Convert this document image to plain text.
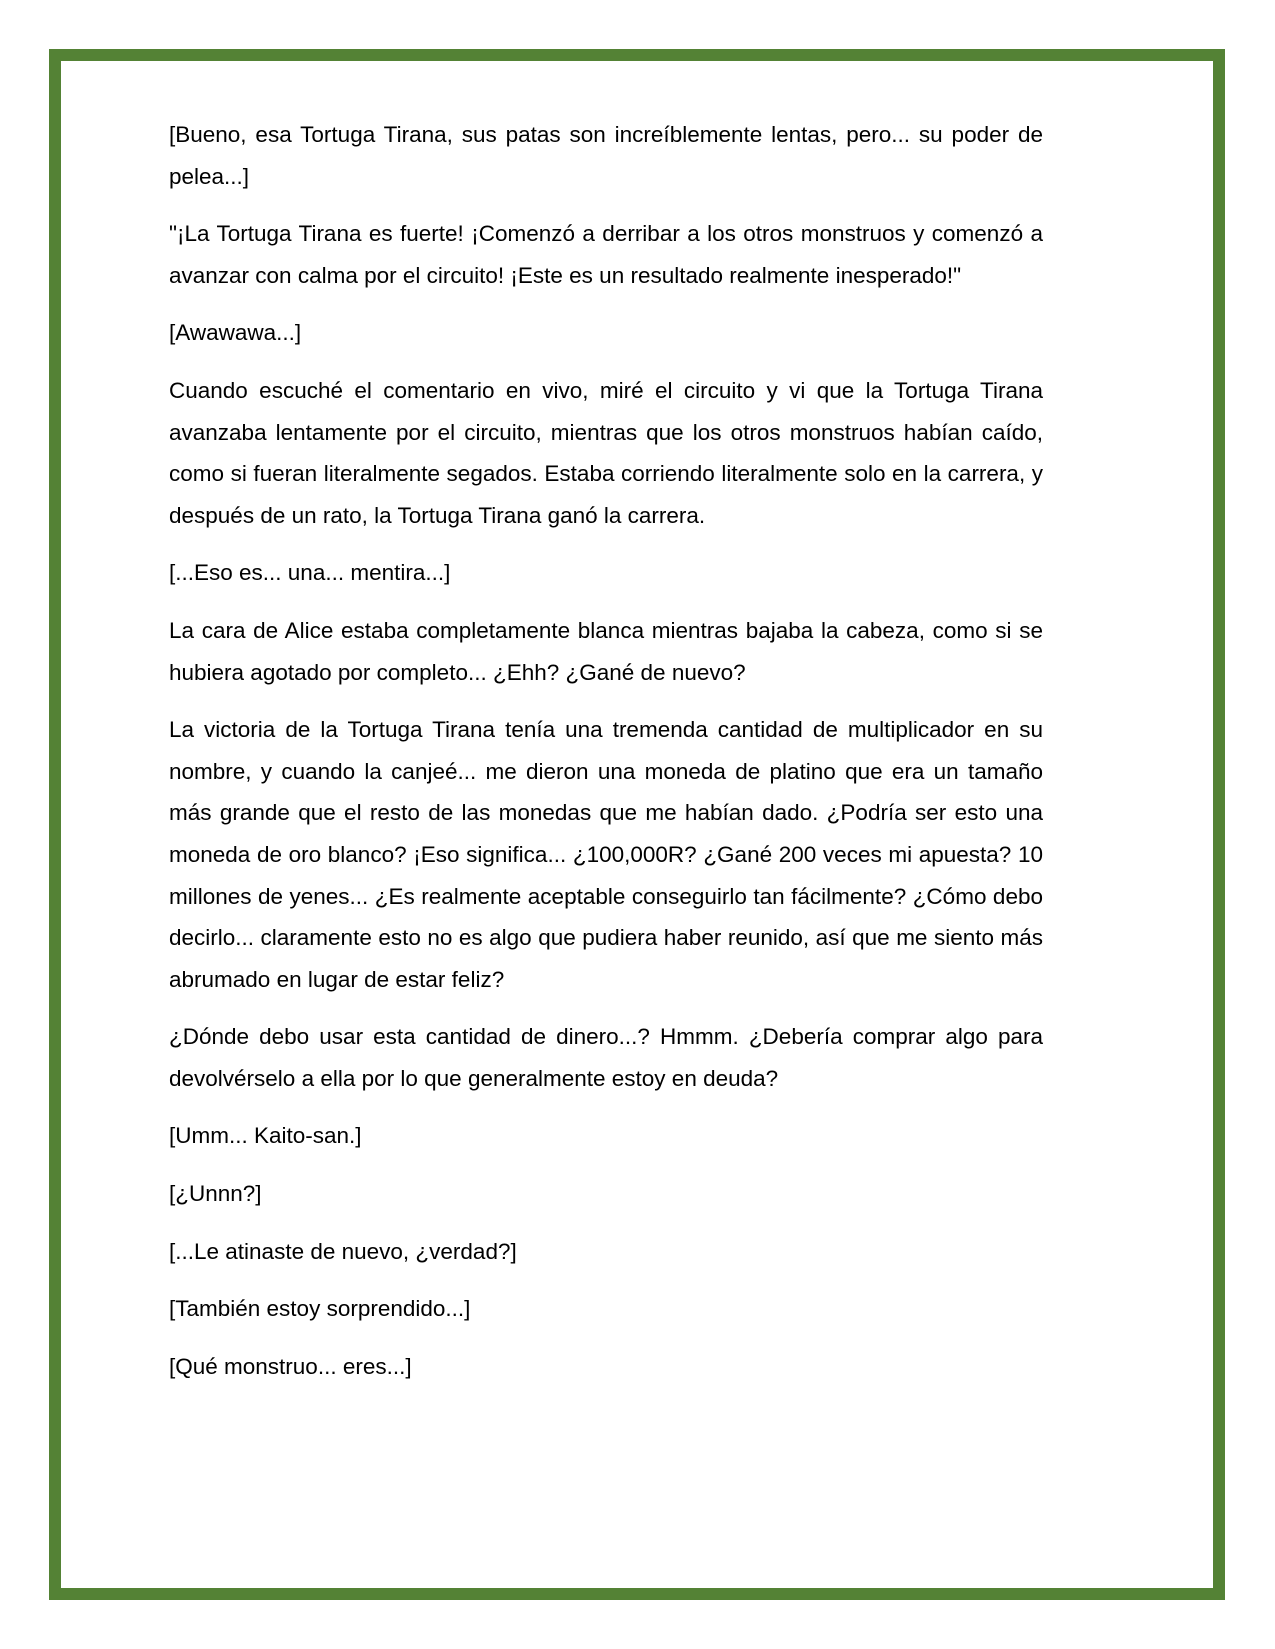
[Bueno, esa Tortuga Tirana, sus patas son increíblemente lentas, pero... su poder de pelea...]

"¡La Tortuga Tirana es fuerte! ¡Comenzó a derribar a los otros monstruos y comenzó a avanzar con calma por el circuito! ¡Este es un resultado realmente inesperado!"

[Awawawa...]

Cuando escuché el comentario en vivo, miré el circuito y vi que la Tortuga Tirana avanzaba lentamente por el circuito, mientras que los otros monstruos habían caído, como si fueran literalmente segados. Estaba corriendo literalmente solo en la carrera, y después de un rato, la Tortuga Tirana ganó la carrera.

[...Eso es... una... mentira...]

La cara de Alice estaba completamente blanca mientras bajaba la cabeza, como si se hubiera agotado por completo... ¿Ehh? ¿Gané de nuevo?

La victoria de la Tortuga Tirana tenía una tremenda cantidad de multiplicador en su nombre, y cuando la canjeé... me dieron una moneda de platino que era un tamaño más grande que el resto de las monedas que me habían dado. ¿Podría ser esto una moneda de oro blanco? ¡Eso significa... ¿100,000R? ¿Gané 200 veces mi apuesta? 10 millones de yenes... ¿Es realmente aceptable conseguirlo tan fácilmente? ¿Cómo debo decirlo... claramente esto no es algo que pudiera haber reunido, así que me siento más abrumado en lugar de estar feliz?

¿Dónde debo usar esta cantidad de dinero...? Hmmm. ¿Debería comprar algo para devolvérselo a ella por lo que generalmente estoy en deuda?

[Umm... Kaito-san.]

[¿Unnn?]

[...Le atinaste de nuevo, ¿verdad?]

[También estoy sorprendido...]

[Qué monstruo... eres...]
